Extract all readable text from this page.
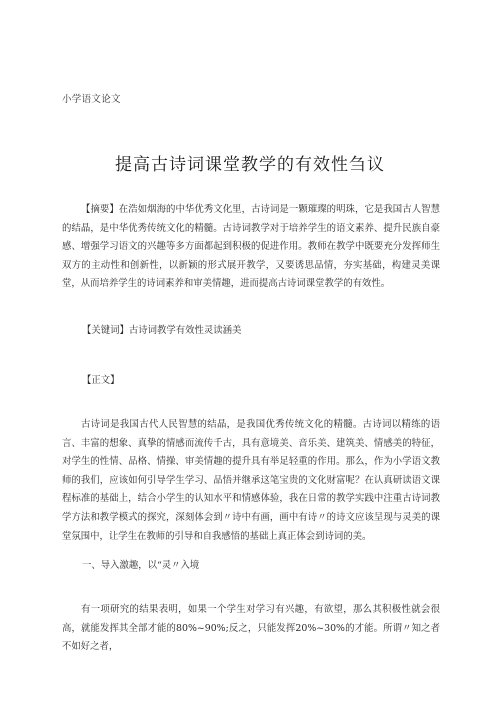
小学语文论文
提高古诗词课堂教学的有效性刍议

【摘要】在浩如烟海的中华优秀文化里，古诗词是一颗璀璨的明珠，它是我国古人智慧的结晶，是中华优秀传统文化的精髓。古诗词教学对于培养学生的语文素养、提升民族自豪感、增强学习语文的兴趣等多方面都起到积极的促进作用。教师在教学中既要充分发挥师生双方的主动性和创新性，以新颖的形式展开教学，又要诱思品情，夯实基础，构建灵美课堂，从而培养学生的诗词素养和审美情趣，进而提高古诗词课堂教学的有效性。

【关键词】古诗词教学有效性灵读涵美

【正文】

古诗词是我国古代人民智慧的结晶，是我国优秀传统文化的精髓。古诗词以精练的语言、丰富的想象、真挚的情感而流传千古，具有意境美、音乐美、建筑美、情感美的特征，对学生的性情、品格、情操、审美情趣的提升具有举足轻重的作用。那么，作为小学语文教师的我们，应该如何引导学生学习、品悟并继承这笔宝贵的文化财富呢？在认真研读语文课程标准的基础上，结合小学生的认知水平和情感体验，我在日常的教学实践中注重古诗词教学方法和教学模式的探究，深刻体会到〃诗中有画，画中有诗〃的诗文应该呈现与灵美的课堂氛围中，让学生在教师的引导和自我感悟的基础上真正体会到诗词的美。

一、导入激趣，以“灵〃入境

有一项研究的结果表明，如果一个学生对学习有兴趣，有欲望，那么其积极性就会很高，就能发挥其全部才能的80%~90%;反之，只能发挥20%~30%的才能。所谓〃知之者不如好之者，
